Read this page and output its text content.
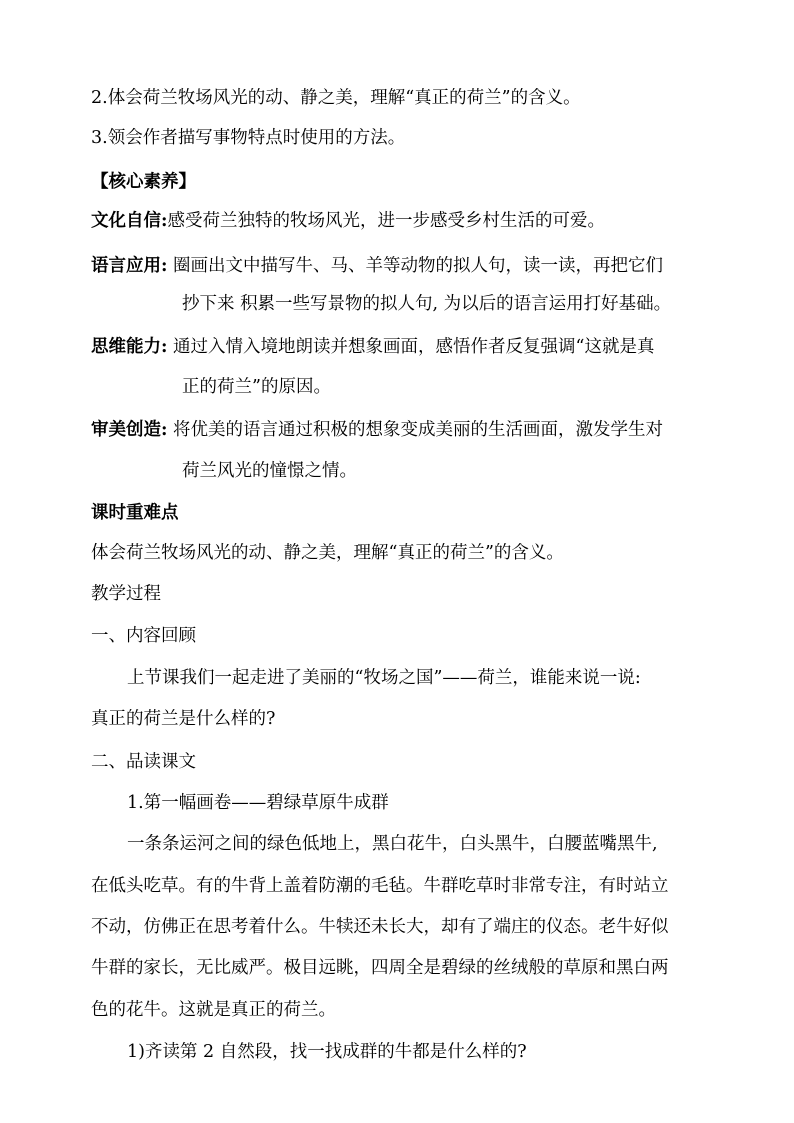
2.体会荷兰牧场风光的动、静之美，理解“真正的荷兰”的含义。
3.领会作者描写事物特点时使用的方法。
【核心素养】
文化自信:感受荷兰独特的牧场风光，进一步感受乡村生活的可爱。
语言应用: 圈画出文中描写牛、马、羊等动物的拟人句，读一读，再把它们
抄下来 积累一些写景物的拟人句, 为以后的语言运用打好基础。
思维能力: 通过入情入境地朗读并想象画面，感悟作者反复强调“这就是真
正的荷兰”的原因。
审美创造: 将优美的语言通过积极的想象变成美丽的生活画面，激发学生对
荷兰风光的憧憬之情。
课时重难点
体会荷兰牧场风光的动、静之美，理解“真正的荷兰”的含义。
教学过程
一、内容回顾
上节课我们一起走进了美丽的“牧场之国”——荷兰，谁能来说一说:
真正的荷兰是什么样的?
二、品读课文
1.第一幅画卷——碧绿草原牛成群
一条条运河之间的绿色低地上，黑白花牛，白头黑牛，白腰蓝嘴黑牛,
在低头吃草。有的牛背上盖着防潮的毛毡。牛群吃草时非常专注，有时站立
不动，仿佛正在思考着什么。牛犊还未长大，却有了端庄的仪态。老牛好似
牛群的家长，无比威严。极目远眺，四周全是碧绿的丝绒般的草原和黑白两
色的花牛。这就是真正的荷兰。
1)齐读第 2 自然段，找一找成群的牛都是什么样的?
